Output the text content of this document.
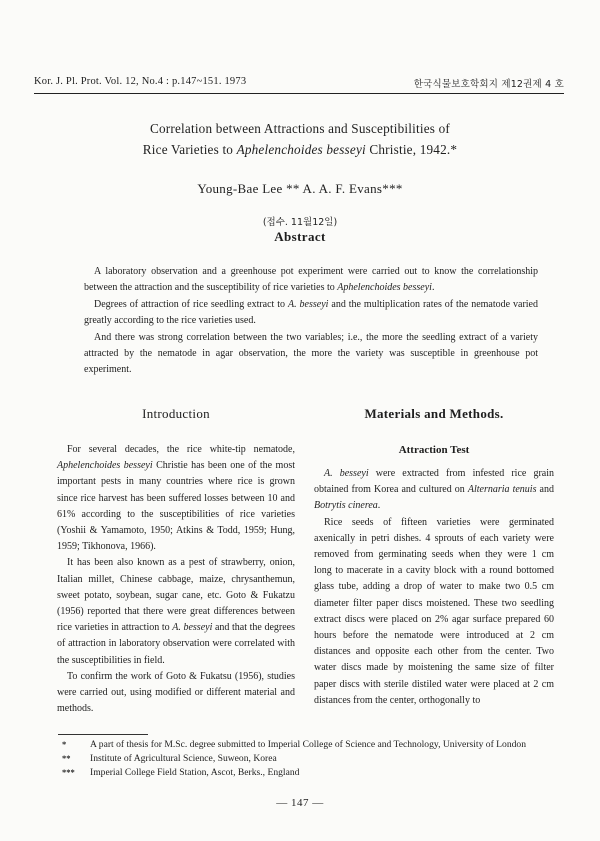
Kor. J. Pl. Prot. Vol. 12, No.4 : p.147~151. 1973	한국식물보호학회지 제12권제 4 호
Correlation between Attractions and Susceptibilities of
Rice Varieties to Aphelenchoides besseyi Christie, 1942.*
Young-Bae Lee ** A. A. F. Evans***
(접수. 11월12일)
Abstract

A laboratory observation and a greenhouse pot experiment were carried out to know the correlationship between the attraction and the susceptibility of rice varieties to Aphelenchoides besseyi.

Degrees of attraction of rice seedling extract to A. besseyi and the multiplication rates of the nematode varied greatly according to the rice varieties used.

And there was strong correlation between the two variables; i.e., the more the seedling extract of a variety attracted by the nematode in agar observation, the more the variety was susceptible in greenhouse pot experiment.

Introduction

For several decades, the rice white-tip nematode, Aphelenchoides besseyi Christie has been one of the most important pests in many countries where rice is grown since rice harvest has been suffered losses between 10 and 61% according to the susceptibilities of rice varieties (Yoshii & Yamamoto, 1950; Atkins & Todd, 1959; Hung, 1959; Tikhonova, 1966).

It has been also known as a pest of strawberry, onion, Italian millet, Chinese cabbage, maize, chrysanthemun, sweet potato, soybean, sugar cane, etc. Goto & Fukatzu (1956) reported that there were great differences between rice varieties in attraction to A. besseyi and that the degrees of attraction in laboratory observation were correlated with the susceptibilities in field.

To confirm the work of Goto & Fukatsu (1956), studies were carried out, using modified or different material and methods.

Materials and Methods.
Attraction Test

A. besseyi were extracted from infested rice grain obtained from Korea and cultured on Alternaria tenuis and Botrytis cinerea.

Rice seeds of fifteen varieties were germinated axenically in petri dishes. 4 sprouts of each variety were removed from germinating seeds when they were 1 cm long to macerate in a cavity block with a round bottomed glass tube, adding a drop of water to make two 0.5 cm diameter filter paper discs moistened. These two seedling extract discs were placed on 2% agar surface prepared 60 hours before the nematode were introduced at 2 cm distances and opposite each other from the center. Two water discs made by moistening the same size of filter paper discs with sterile distiled water were placed at 2 cm distances from the center, orthogonally to

*	A part of thesis for M.Sc. degree submitted to Imperial College of Science and Technology, University of London
**	Institute of Agricultural Science, Suweon, Korea
***	Imperial College Field Station, Ascot, Berks., England
— 147 —
